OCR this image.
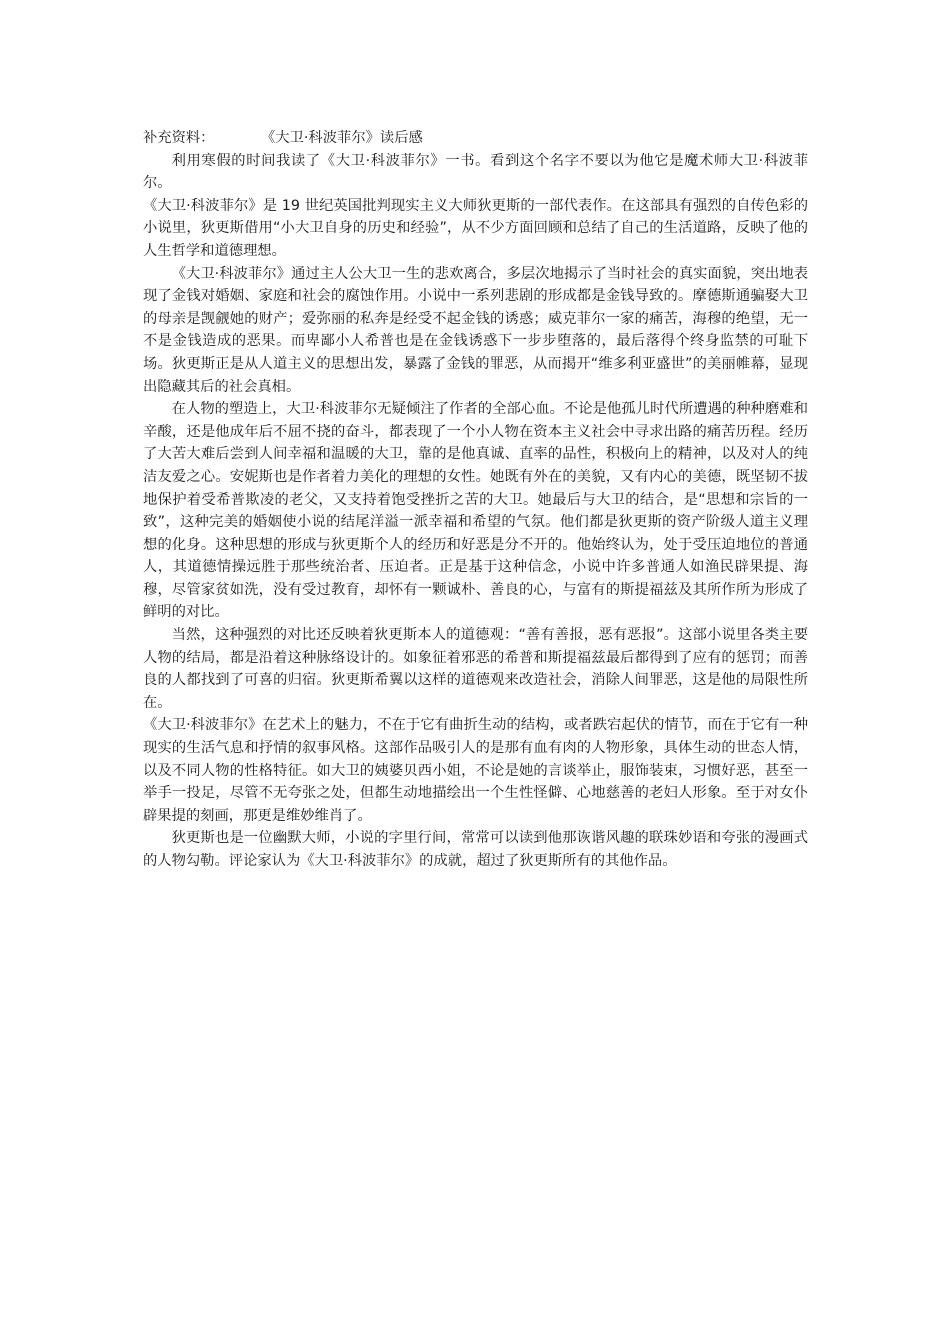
补充资料：	《大卫·科波菲尔》读后感

利用寒假的时间我读了《大卫·科波菲尔》一书。看到这个名字不要以为他它是魔术师大卫·科波菲尔。

《大卫·科波菲尔》是 19 世纪英国批判现实主义大师狄更斯的一部代表作。在这部具有强烈的自传色彩的小说里，狄更斯借用“小大卫自身的历史和经验”，从不少方面回顾和总结了自己的生活道路，反映了他的人生哲学和道德理想。

《大卫·科波菲尔》通过主人公大卫一生的悲欢离合，多层次地揭示了当时社会的真实面貌，突出地表现了金钱对婚姻、家庭和社会的腐蚀作用。小说中一系列悲剧的形成都是金钱导致的。摩德斯通骗娶大卫的母亲是觊觎她的财产；爱弥丽的私奔是经受不起金钱的诱惑；威克菲尔一家的痛苦，海穆的绝望，无一不是金钱造成的恶果。而卑鄙小人希普也是在金钱诱惑下一步步堕落的，最后落得个终身监禁的可耻下场。狄更斯正是从人道主义的思想出发，暴露了金钱的罪恶，从而揭开“维多利亚盛世”的美丽帷幕，显现出隐藏其后的社会真相。

在人物的塑造上，大卫·科波菲尔无疑倾注了作者的全部心血。不论是他孤儿时代所遭遇的种种磨难和辛酸，还是他成年后不屈不挠的奋斗，都表现了一个小人物在资本主义社会中寻求出路的痛苦历程。经历了大苦大难后尝到人间幸福和温暖的大卫，靠的是他真诚、直率的品性，积极向上的精神，以及对人的纯洁友爱之心。安妮斯也是作者着力美化的理想的女性。她既有外在的美貌，又有内心的美德，既坚韧不拔地保护着受希普欺凌的老父，又支持着饱受挫折之苦的大卫。她最后与大卫的结合，是“思想和宗旨的一致”，这种完美的婚姻使小说的结尾洋溢一派幸福和希望的气氛。他们都是狄更斯的资产阶级人道主义理想的化身。这种思想的形成与狄更斯个人的经历和好恶是分不开的。他始终认为，处于受压迫地位的普通人，其道德情操远胜于那些统治者、压迫者。正是基于这种信念，小说中许多普通人如渔民辟果提、海穆，尽管家贫如洗，没有受过教育，却怀有一颗诚朴、善良的心，与富有的斯提福兹及其所作所为形成了鲜明的对比。

当然，这种强烈的对比还反映着狄更斯本人的道德观：“善有善报，恶有恶报”。这部小说里各类主要人物的结局，都是沿着这种脉络设计的。如象征着邪恶的希普和斯提福兹最后都得到了应有的惩罚；而善良的人都找到了可喜的归宿。狄更斯希翼以这样的道德观来改造社会，消除人间罪恶，这是他的局限性所在。

《大卫·科波菲尔》在艺术上的魅力，不在于它有曲折生动的结构，或者跌宕起伏的情节，而在于它有一种现实的生活气息和抒情的叙事风格。这部作品吸引人的是那有血有肉的人物形象，具体生动的世态人情，以及不同人物的性格特征。如大卫的姨婆贝西小姐，不论是她的言谈举止，服饰装束，习惯好恶，甚至一举手一投足，尽管不无夸张之处，但都生动地描绘出一个生性怪僻、心地慈善的老妇人形象。至于对女仆辟果提的刻画，那更是维妙维肖了。

狄更斯也是一位幽默大师，小说的字里行间，常常可以读到他那诙谐风趣的联珠妙语和夸张的漫画式的人物勾勒。评论家认为《大卫·科波菲尔》的成就，超过了狄更斯所有的其他作品。
